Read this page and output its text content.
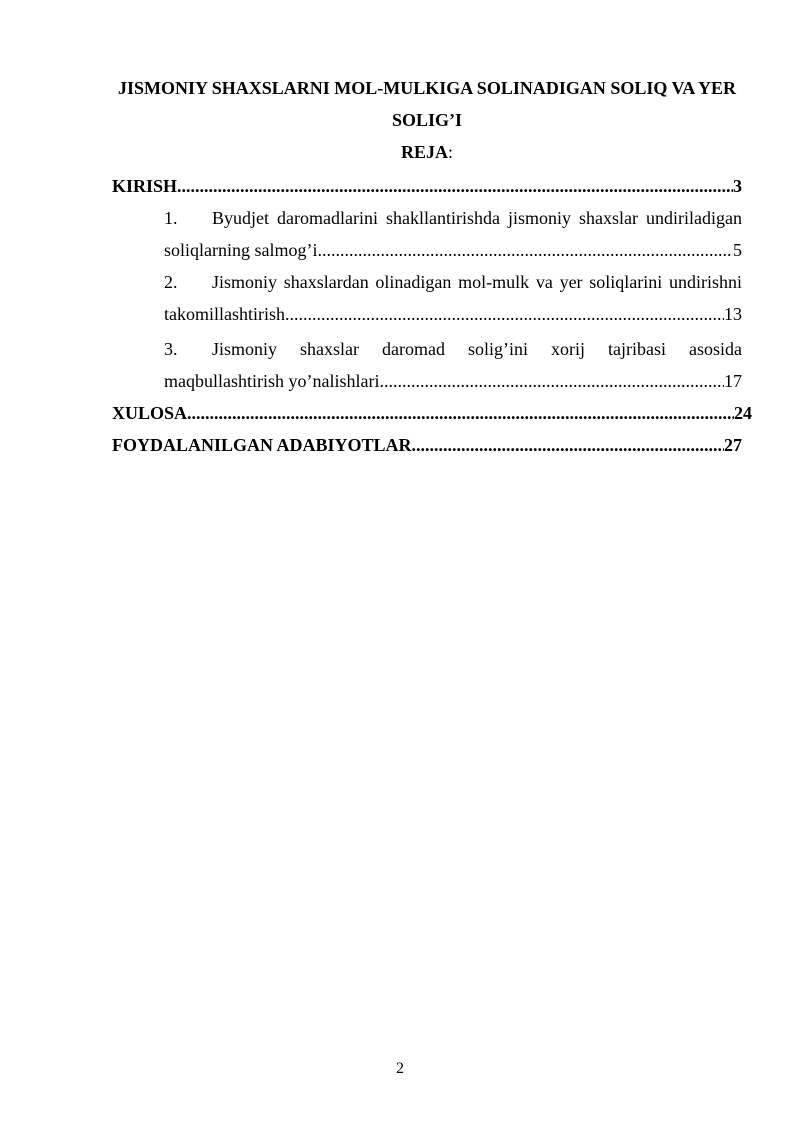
JISMONIY SHAXSLARNI MOL-MULKIGA SOLINADIGAN SOLIQ VA YER SOLIG’I
REJA:
KIRISH .....	3
1.	Byudjet daromadlarini shakllantirishda jismoniy shaxslar undiriladigan
soliqlarning salmog’i .....	5
2.	Jismoniy shaxslardan olinadigan mol-mulk va yer soliqlarini undirishni
takomillashtirish .....	13
3.	Jismoniy shaxslar daromad solig’ini xorij tajribasi asosida
maqbullashtirish yo’nalishlari .....	17
XULOSA .....	24
FOYDALANILGAN ADABIYOTLAR .....	27
2
